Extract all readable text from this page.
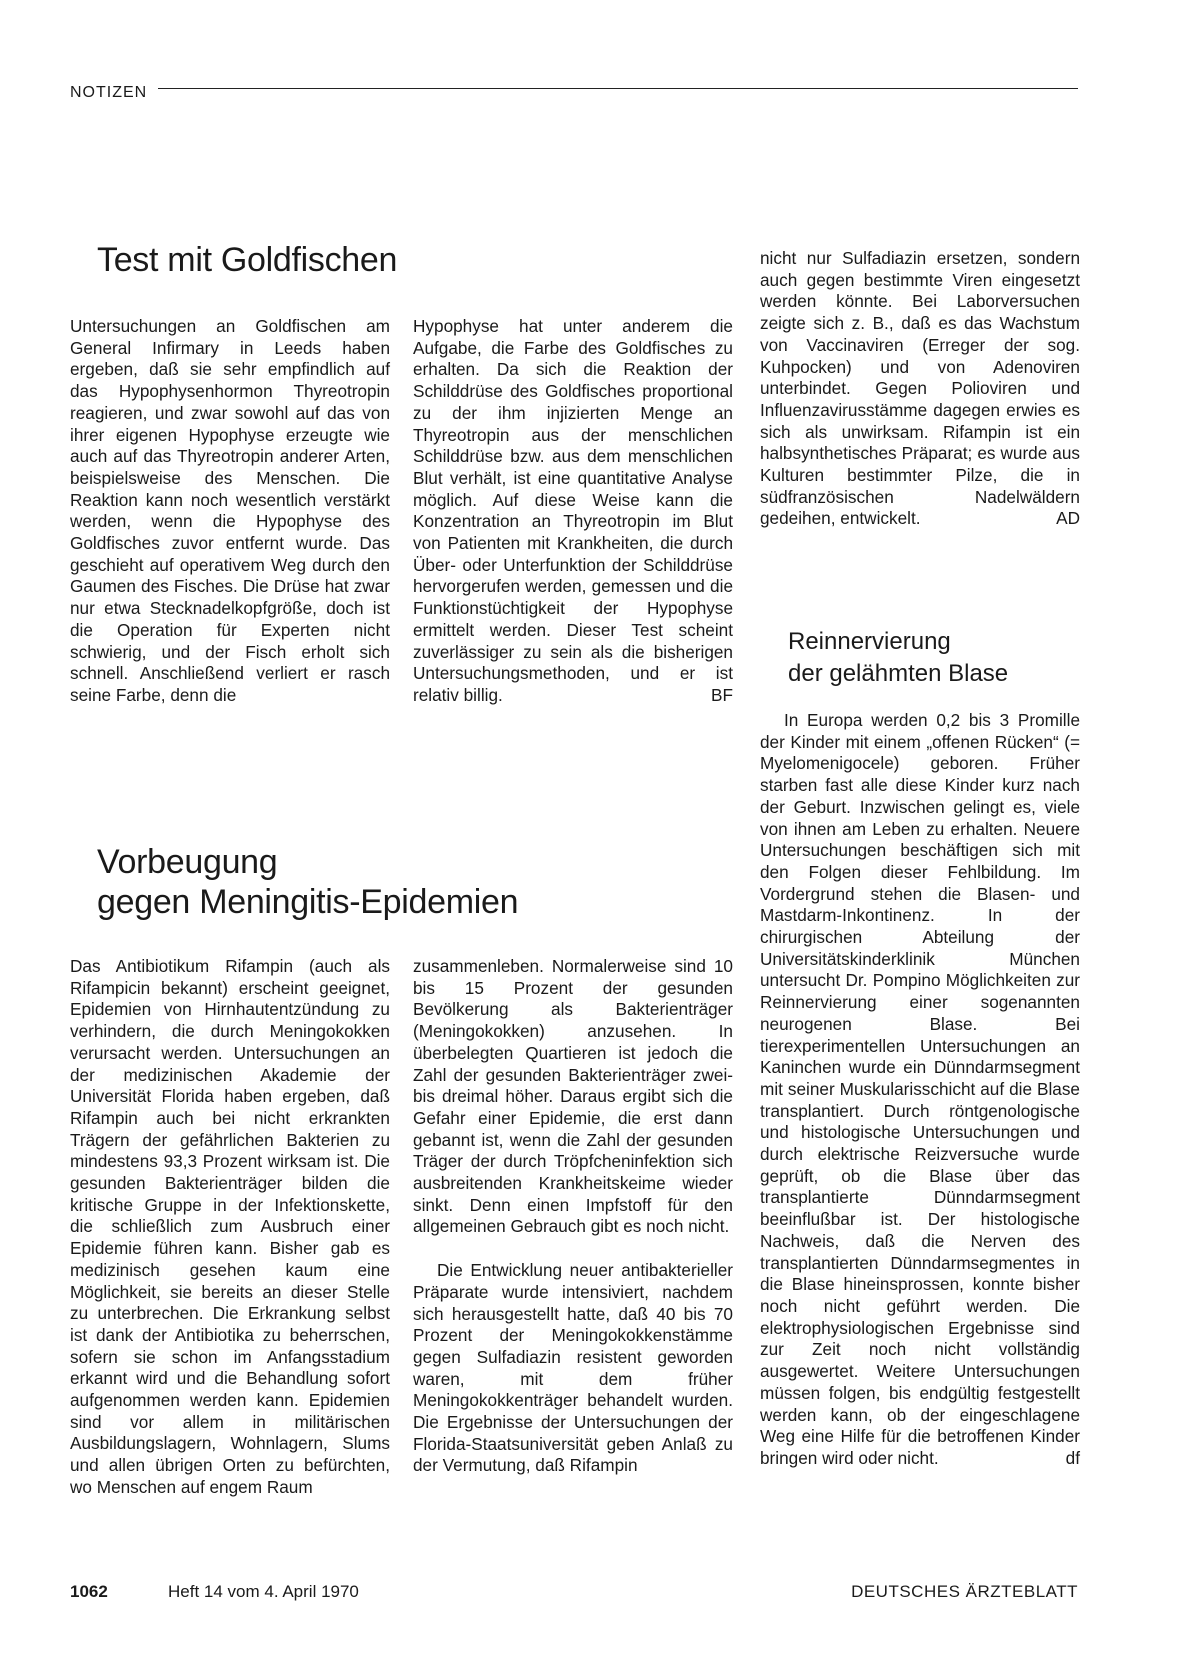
NOTIZEN
Test mit Goldfischen

Untersuchungen an Goldfischen am General Infirmary in Leeds haben ergeben, daß sie sehr empfindlich auf das Hypophysenhormon Thyreotropin reagieren, und zwar sowohl auf das von ihrer eigenen Hypophyse erzeugte wie auch auf das Thyreotropin anderer Arten, beispielsweise des Menschen. Die Reaktion kann noch wesentlich verstärkt werden, wenn die Hypophyse des Goldfisches zuvor entfernt wurde. Das geschieht auf operativem Weg durch den Gaumen des Fisches. Die Drüse hat zwar nur etwa Stecknadelkopfgröße, doch ist die Operation für Experten nicht schwierig, und der Fisch erholt sich schnell. Anschließend verliert er rasch seine Farbe, denn die

Hypophyse hat unter anderem die Aufgabe, die Farbe des Goldfisches zu erhalten. Da sich die Reaktion der Schilddrüse des Goldfisches proportional zu der ihm injizierten Menge an Thyreotropin aus der menschlichen Schilddrüse bzw. aus dem menschlichen Blut verhält, ist eine quantitative Analyse möglich. Auf diese Weise kann die Konzentration an Thyreotropin im Blut von Patienten mit Krankheiten, die durch Über- oder Unterfunktion der Schilddrüse hervorgerufen werden, gemessen und die Funktionstüchtigkeit der Hypophyse ermittelt werden. Dieser Test scheint zuverlässiger zu sein als die bisherigen Untersuchungsmethoden, und er ist relativ billig.	BF

Vorbeugung
gegen Meningitis-Epidemien

Das Antibiotikum Rifampin (auch als Rifampicin bekannt) erscheint geeignet, Epidemien von Hirnhautentzündung zu verhindern, die durch Meningokokken verursacht werden. Untersuchungen an der medizinischen Akademie der Universität Florida haben ergeben, daß Rifampin auch bei nicht erkrankten Trägern der gefährlichen Bakterien zu mindestens 93,3 Prozent wirksam ist. Die gesunden Bakterienträger bilden die kritische Gruppe in der Infektionskette, die schließlich zum Ausbruch einer Epidemie führen kann. Bisher gab es medizinisch gesehen kaum eine Möglichkeit, sie bereits an dieser Stelle zu unterbrechen. Die Erkrankung selbst ist dank der Antibiotika zu beherrschen, sofern sie schon im Anfangsstadium erkannt wird und die Behandlung sofort aufgenommen werden kann. Epidemien sind vor allem in militärischen Ausbildungslagern, Wohnlagern, Slums und allen übrigen Orten zu befürchten, wo Menschen auf engem Raum

zusammenleben. Normalerweise sind 10 bis 15 Prozent der gesunden Bevölkerung als Bakterienträger (Meningokokken) anzusehen. In überbelegten Quartieren ist jedoch die Zahl der gesunden Bakterienträger zwei- bis dreimal höher. Daraus ergibt sich die Gefahr einer Epidemie, die erst dann gebannt ist, wenn die Zahl der gesunden Träger der durch Tröpfcheninfektion sich ausbreitenden Krankheitskeime wieder sinkt. Denn einen Impfstoff für den allgemeinen Gebrauch gibt es noch nicht.

Die Entwicklung neuer antibakterieller Präparate wurde intensiviert, nachdem sich herausgestellt hatte, daß 40 bis 70 Prozent der Meningokokkenstämme gegen Sulfadiazin resistent geworden waren, mit dem früher Meningokokkenträger behandelt wurden. Die Ergebnisse der Untersuchungen der Florida-Staatsuniversität geben Anlaß zu der Vermutung, daß Rifampin

nicht nur Sulfadiazin ersetzen, sondern auch gegen bestimmte Viren eingesetzt werden könnte. Bei Laborversuchen zeigte sich z. B., daß es das Wachstum von Vaccinaviren (Erreger der sog. Kuhpocken) und von Adenoviren unterbindet. Gegen Polioviren und Influenzavirusstämme dagegen erwies es sich als unwirksam. Rifampin ist ein halbsynthetisches Präparat; es wurde aus Kulturen bestimmter Pilze, die in südfranzösischen Nadelwäldern gedeihen, entwickelt.	AD

Reinnervierung
der gelähmten Blase

In Europa werden 0,2 bis 3 Promille der Kinder mit einem „offenen Rücken“ (= Myelomenigocele) geboren. Früher starben fast alle diese Kinder kurz nach der Geburt. Inzwischen gelingt es, viele von ihnen am Leben zu erhalten. Neuere Untersuchungen beschäftigen sich mit den Folgen dieser Fehlbildung. Im Vordergrund stehen die Blasen- und Mastdarm-Inkontinenz. In der chirurgischen Abteilung der Universitätskinderklinik München untersucht Dr. Pompino Möglichkeiten zur Reinnervierung einer sogenannten neurogenen Blase. Bei tierexperimentellen Untersuchungen an Kaninchen wurde ein Dünndarmsegment mit seiner Muskularisschicht auf die Blase transplantiert. Durch röntgenologische und histologische Untersuchungen und durch elektrische Reizversuche wurde geprüft, ob die Blase über das transplantierte Dünndarmsegment beeinflußbar ist. Der histologische Nachweis, daß die Nerven des transplantierten Dünndarmsegmentes in die Blase hineinsprossen, konnte bisher noch nicht geführt werden. Die elektrophysiologischen Ergebnisse sind zur Zeit noch nicht vollständig ausgewertet. Weitere Untersuchungen müssen folgen, bis endgültig festgestellt werden kann, ob der eingeschlagene Weg eine Hilfe für die betroffenen Kinder bringen wird oder nicht.	df

1062	Heft 14 vom 4. April 1970	DEUTSCHES ÄRZTEBLATT
